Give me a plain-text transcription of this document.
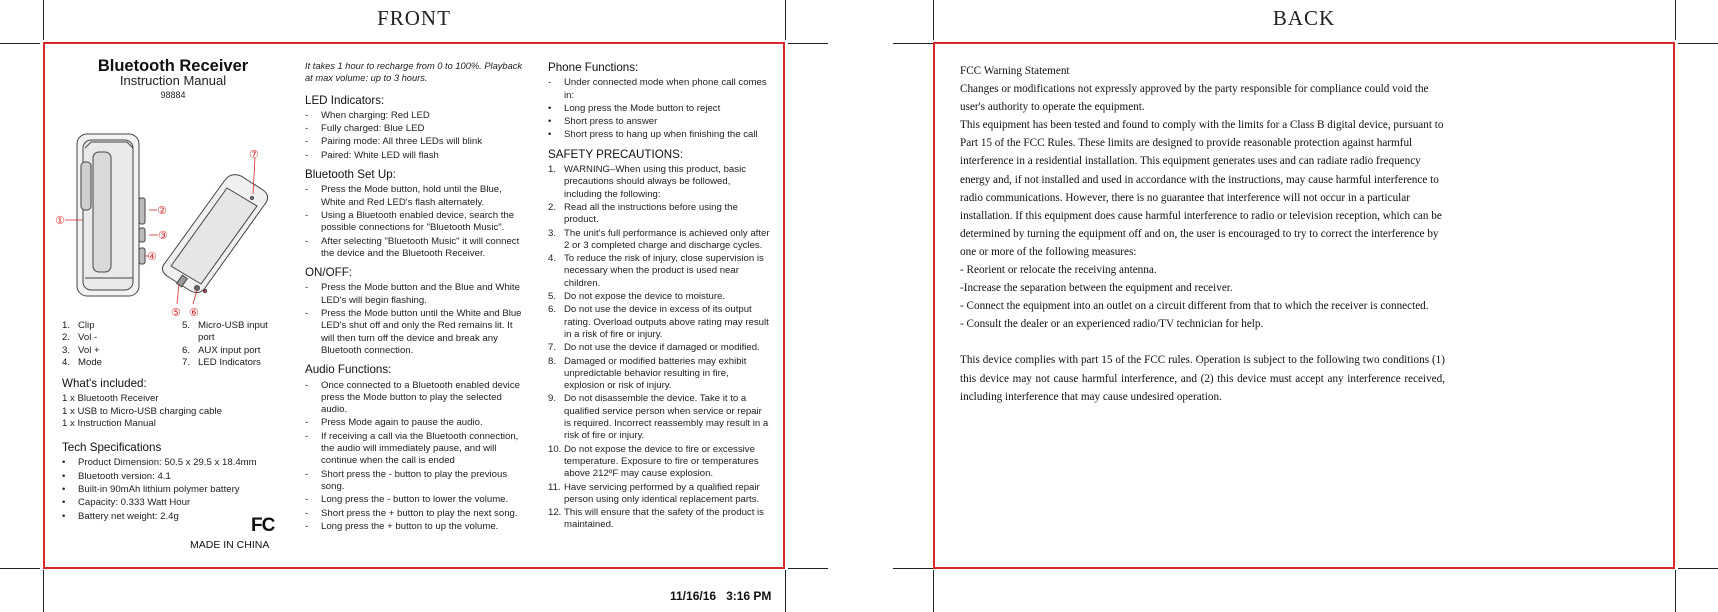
FRONT	BACK
Bluetooth Receiver
Instruction Manual
98884
①
②
③
④
⑤ ⑥
⑦
1. Clip
2. Vol -
3. Vol +
4. Mode
5. Micro-USB input port
6. AUX input port
7. LED Indicators
What's included:
1 x Bluetooth Receiver
1 x USB to Micro-USB charging cable
1 x Instruction Manual
Tech Specifications
•	Product Dimension: 50.5 x 29.5 x 18.4mm
•	Bluetooth version: 4.1
•	Built-in 90mAh lithium polymer battery
•	Capacity: 0.333 Watt Hour
•	Battery net weight: 2.4g	FC
MADE IN CHINA
It takes 1 hour to recharge from 0 to 100%. Playback at max volume: up to 3 hours.
LED Indicators:
-	When charging: Red LED
-	Fully charged: Blue LED
-	Pairing mode: All three LEDs will blink
-	Paired: White LED will flash
Bluetooth Set Up:
-	Press the Mode button, hold until the Blue, White and Red LED's flash alternately.
-	Using a Bluetooth enabled device, search the possible connections for "Bluetooth Music".
-	After selecting "Bluetooth Music" it will connect the device and the Bluetooth Receiver.
ON/OFF:
-	Press the Mode button and the Blue and White LED's will begin flashing.
-	Press the Mode button until the White and Blue LED's shut off and only the Red remains lit. It will then turn off the device and break any Bluetooth connection.
Audio Functions:
-	Once connected to a Bluetooth enabled device press the Mode button to play the selected audio.
-	Press Mode again to pause the audio.
-	If receiving a call via the Bluetooth connection, the audio will immediately pause, and will continue when the call is ended
-	Short press the - button to play the previous song.
-	Long press the - button to lower the volume.
-	Short press the + button to play the next song.
-	Long press the + button to up the volume.
Phone Functions:
-	Under connected mode when phone call comes in:
•	Long press the Mode button to reject
•	Short press to answer
•	Short press to hang up when finishing the call
SAFETY PRECAUTIONS:
1. WARNING–When using this product, basic precautions should always be followed, including the following:
2. Read all the instructions before using the product.
3. The unit's full performance is achieved only after 2 or 3 completed charge and discharge cycles.
4. To reduce the risk of injury, close supervision is necessary when the product is used near children.
5. Do not expose the device to moisture.
6. Do not use the device in excess of its output rating. Overload outputs above rating may result in a risk of fire or injury.
7. Do not use the device if damaged or modified.
8. Damaged or modified batteries may exhibit unpredictable behavior resulting in fire, explosion or risk of injury.
9. Do not disassemble the device. Take it to a qualified service person when service or repair is required. Incorrect reassembly may result in a risk of fire or injury.
10. Do not expose the device to fire or excessive temperature. Exposure to fire or temperatures above 212ºF may cause explosion.
11. Have servicing performed by a qualified repair person using only identical replacement parts.
12. This will ensure that the safety of the product is maintained.

FCC Warning Statement

Changes or modifications not expressly approved by the party responsible for compliance could void the user's authority to operate the equipment.

This equipment has been tested and found to comply with the limits for a Class B digital device, pursuant to Part 15 of the FCC Rules. These limits are designed to provide reasonable protection against harmful interference in a residential installation. This equipment generates uses and can radiate radio frequency energy and, if not installed and used in accordance with the instructions, may cause harmful interference to radio communications. However, there is no guarantee that interference will not occur in a particular installation. If this equipment does cause harmful interference to radio or television reception, which can be determined by turning the equipment off and on, the user is encouraged to try to correct the interference by one or more of the following measures:

- Reorient or relocate the receiving antenna.

-Increase the separation between the equipment and receiver.

- Connect the equipment into an outlet on a circuit different from that to which the receiver is connected.

- Consult the dealer or an experienced radio/TV technician for help.

This device complies with part 15 of the FCC rules. Operation is subject to the following two conditions (1) this device may not cause harmful interference, and (2) this device must accept any interference received, including interference that may cause undesired operation.

11/16/16 3:16 PM
